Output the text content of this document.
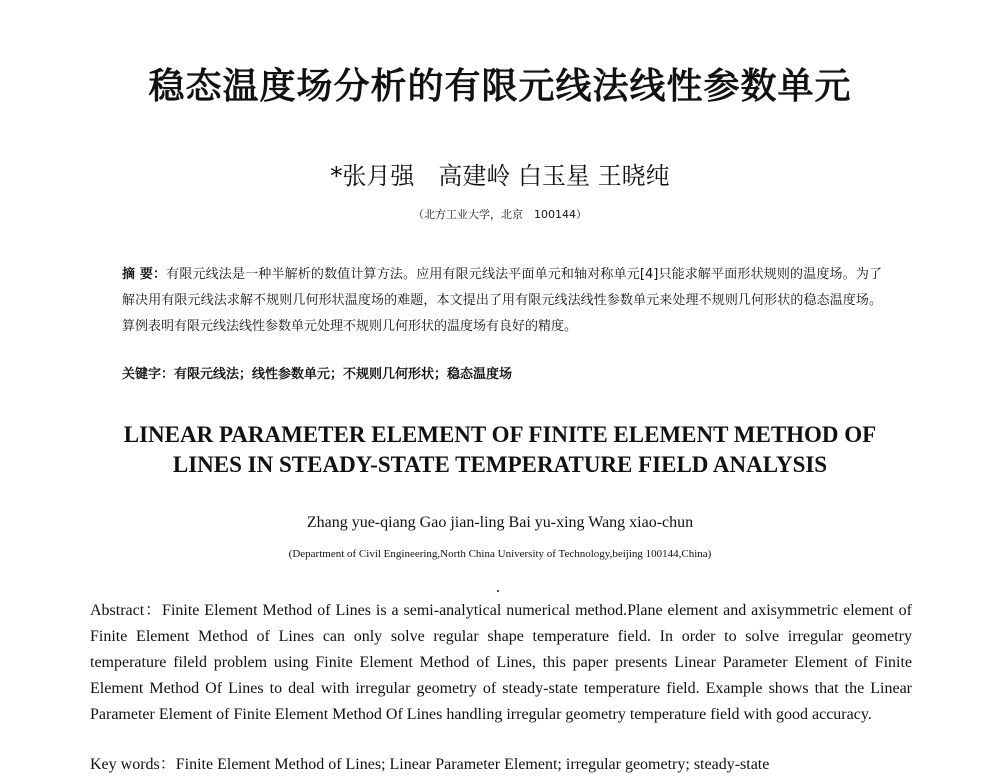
稳态温度场分析的有限元线法线性参数单元
*张月强　高建岭 白玉星 王晓纯
（北方工业大学，北京　100144）
摘 要：有限元线法是一种半解析的数值计算方法。应用有限元线法平面单元和轴对称单元[4]只能求解平面形状规则的温度场。为了解决用有限元线法求解不规则几何形状温度场的难题，本文提出了用有限元线法线性参数单元来处理不规则几何形状的稳态温度场。算例表明有限元线法线性参数单元处理不规则几何形状的温度场有良好的精度。
关键字：有限元线法；线性参数单元；不规则几何形状；稳态温度场
LINEAR PARAMETER ELEMENT OF FINITE ELEMENT METHOD OF
LINES IN STEADY-STATE TEMPERATURE FIELD ANALYSIS
Zhang yue-qiang Gao jian-ling Bai yu-xing Wang xiao-chun
(Department of Civil Engineering,North China University of Technology,beijing 100144,China)
Abstract：Finite Element Method of Lines is a semi-analytical numerical method.Plane element and axisymmetric element of Finite Element Method of Lines can only solve regular shape temperature field. In order to solve irregular geometry temperature fileld problem using Finite Element Method of Lines, this paper presents Linear Parameter Element of Finite Element Method Of Lines to deal with irregular geometry of steady-state temperature field. Example shows that the Linear Parameter Element of Finite Element Method Of Lines handling irregular geometry temperature field with good accuracy.
Key words：Finite Element Method of Lines; Linear Parameter Element; irregular geometry; steady-state
